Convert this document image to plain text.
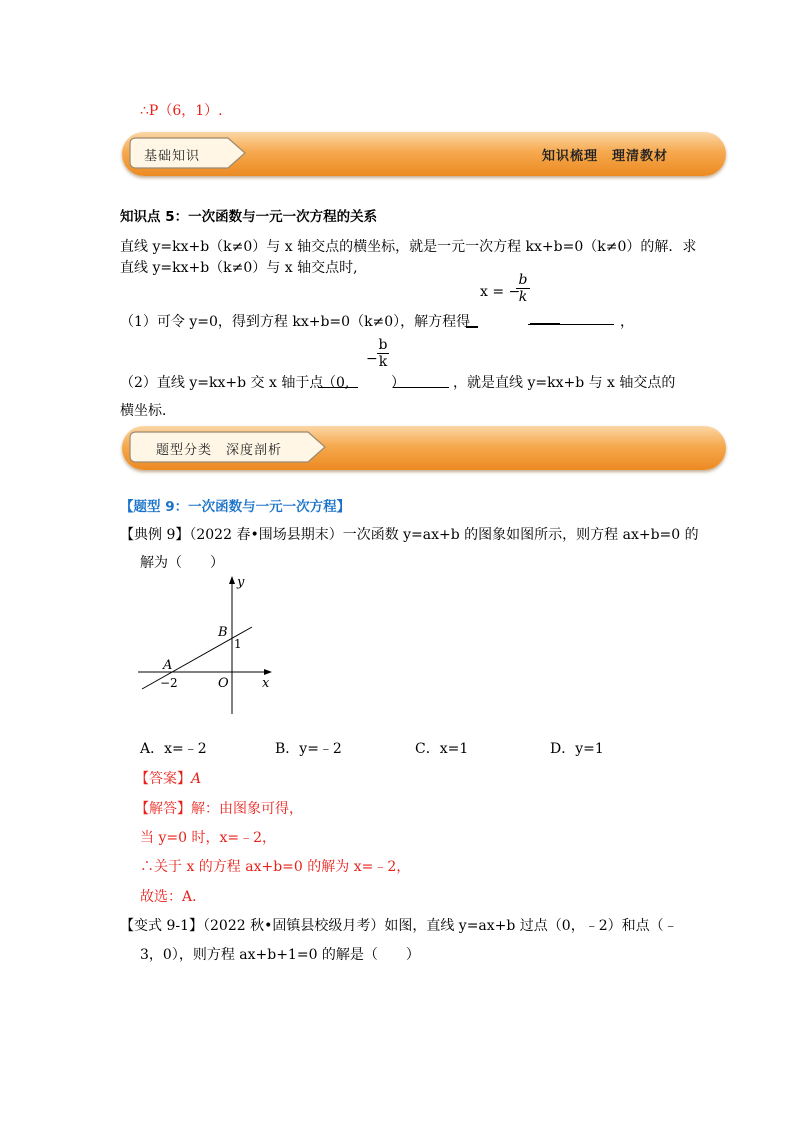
∴P（6，1）.
基础知识	知识梳理　理清教材
知识点 5：一次函数与一元一次方程的关系
直线 y=kx+b（k≠0）与 x 轴交点的横坐标，就是一元一次方程 kx+b=0（k≠0）的解．求
直线 y=kx+b（k≠0）与 x 轴交点时,
x = −
$\frac{b}{k}$
（1）可令 y=0，得到方程 kx+b=0（k≠0），解方程得	，
− $\frac{b}{k}$
（2）直线 y=kx+b 交 x 轴于点
（0,	）	，就是直线 y=kx+b 与 x 轴交点的
横坐标．
题型分类　深度剖析
【题型 9：一次函数与一元一次方程】
【典例 9】（2022 春•围场县期末）一次函数 y=ax+b 的图象如图所示，则方程 ax+b=0 的
解为（　　）
y
x
B
1
A
−2	O
A．x=﹣2	B．y=﹣2	C．x=1	D．y=1
【答案】A
【解答】解：由图象可得，
当 y=0 时，x=﹣2，
∴关于 x 的方程 ax+b=0 的解为 x=﹣2，
故选：A．
【变式 9-1】（2022 秋•固镇县校级月考）如图，直线 y=ax+b 过点（0，﹣2）和点（﹣
3，0），则方程 ax+b+1=0 的解是（　　）
